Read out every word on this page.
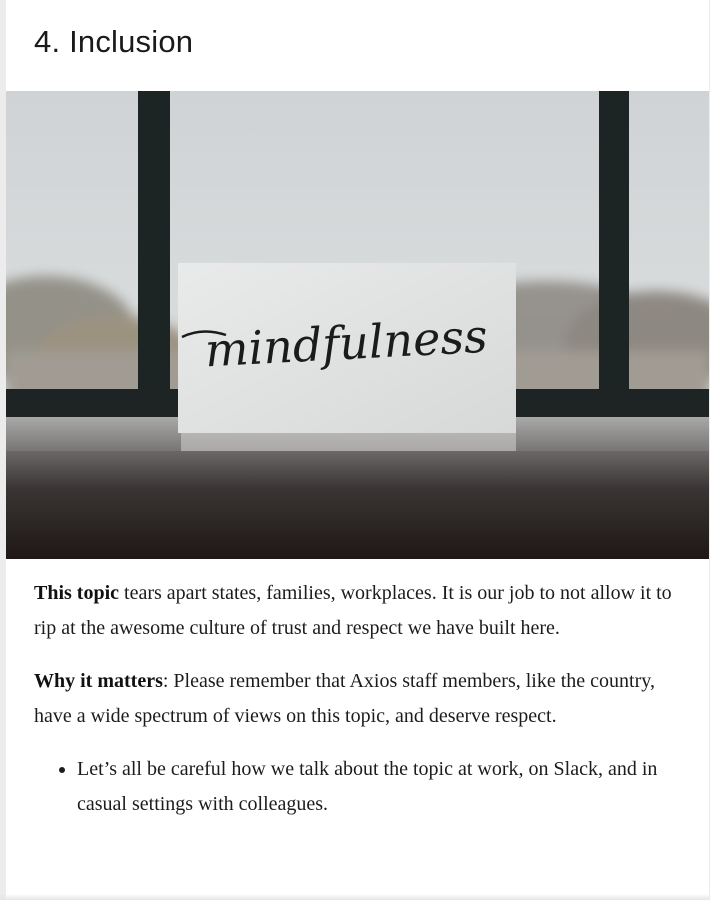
4. Inclusion
mindfulness

This topic tears apart states, families, workplaces. It is our job to not allow it to rip at the awesome culture of trust and respect we have built here.

Why it matters: Please remember that Axios staff members, like the country, have a wide spectrum of views on this topic, and deserve respect.

• Let’s all be careful how we talk about the topic at work, on Slack, and in casual settings with colleagues.
